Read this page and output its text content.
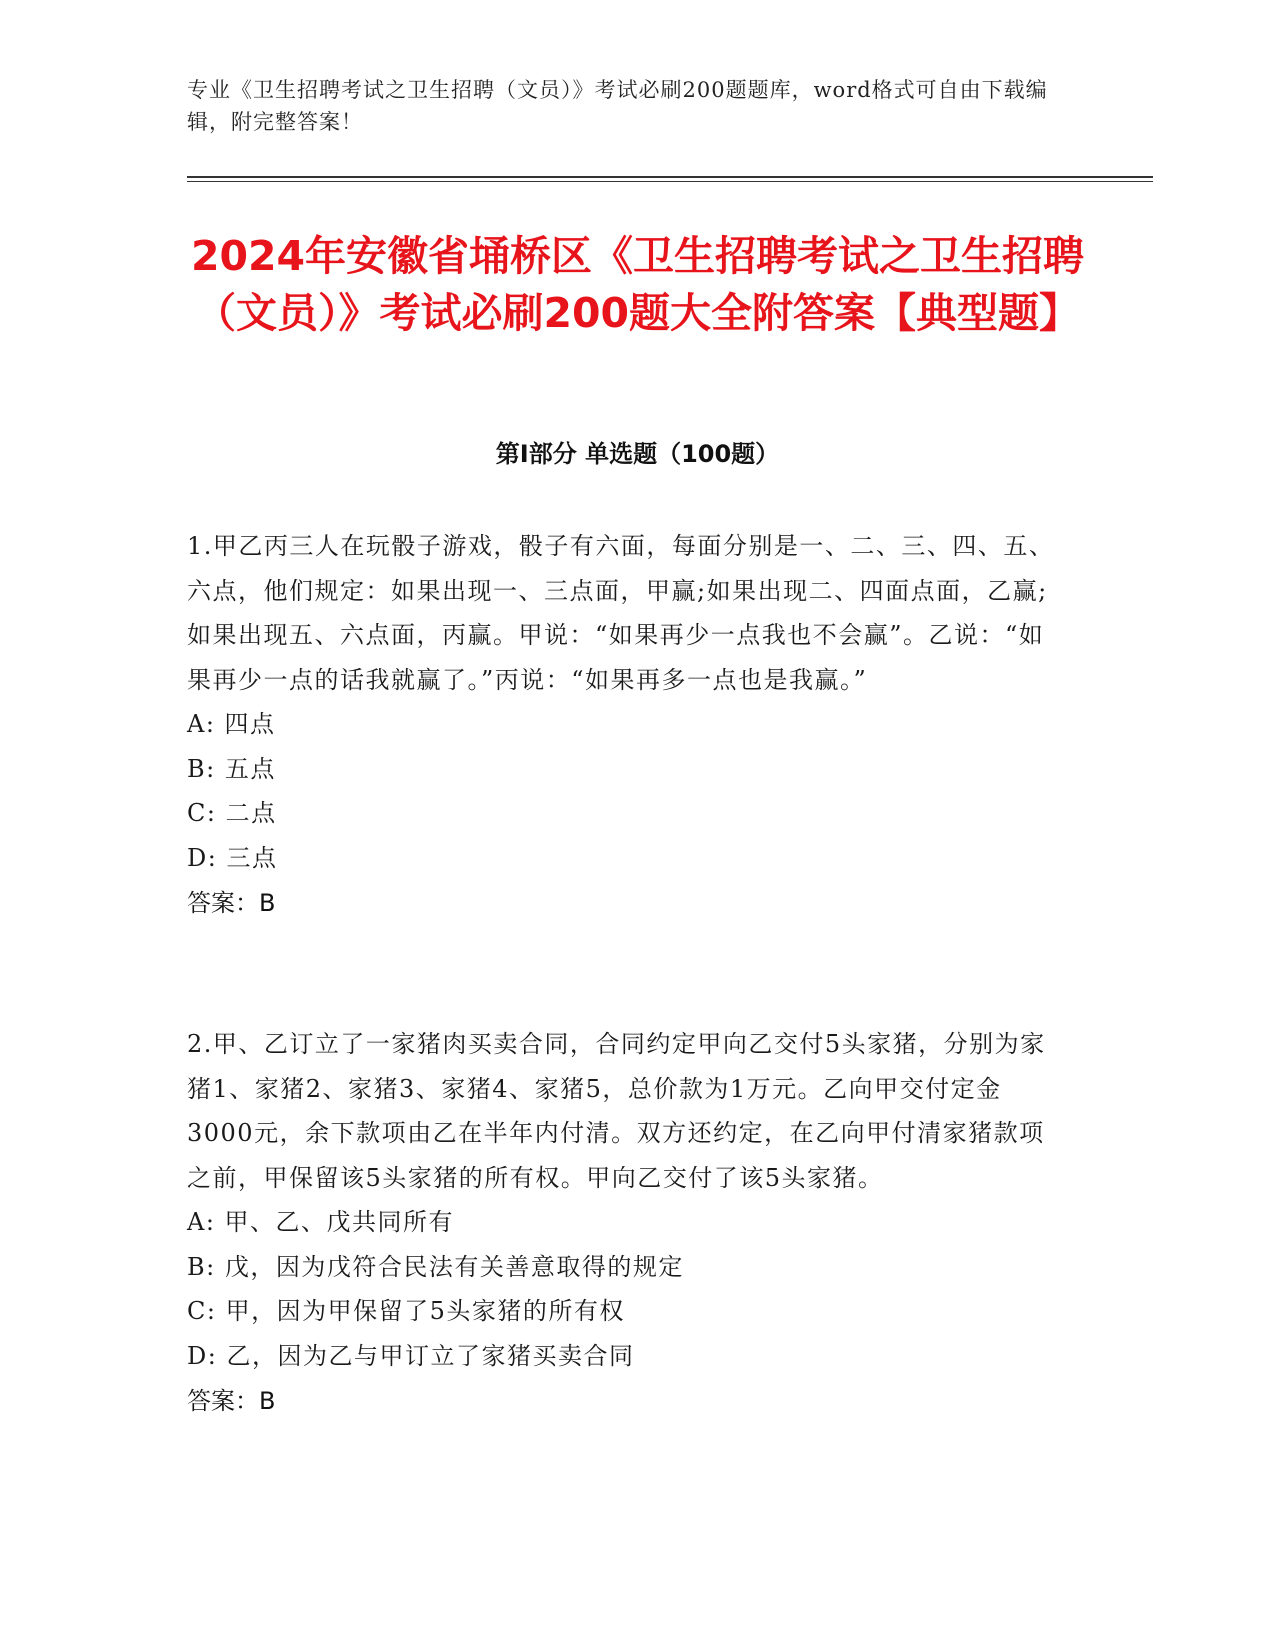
专业《卫生招聘考试之卫生招聘（文员）》考试必刷200题题库，word格式可自由下载编辑，附完整答案！
2024年安徽省埇桥区《卫生招聘考试之卫生招聘（文员）》考试必刷200题大全附答案【典型题】
第I部分 单选题（100题）

1.甲乙丙三人在玩骰子游戏，骰子有六面，每面分别是一、二、三、四、五、六点，他们规定：如果出现一、三点面，甲赢;如果出现二、四面点面，乙赢;如果出现五、六点面，丙赢。甲说：“如果再少一点我也不会赢”。乙说：“如果再少一点的话我就赢了。”丙说：“如果再多一点也是我赢。”

A: 四点

B: 五点

C: 二点

D: 三点

答案：B

2.甲、乙订立了一家猪肉买卖合同，合同约定甲向乙交付5头家猪，分别为家猪1、家猪2、家猪3、家猪4、家猪5，总价款为1万元。乙向甲交付定金3000元，余下款项由乙在半年内付清。双方还约定，在乙向甲付清家猪款项之前，甲保留该5头家猪的所有权。甲向乙交付了该5头家猪。

A: 甲、乙、戊共同所有

B: 戊，因为戊符合民法有关善意取得的规定

C: 甲，因为甲保留了5头家猪的所有权

D: 乙，因为乙与甲订立了家猪买卖合同

答案：B
